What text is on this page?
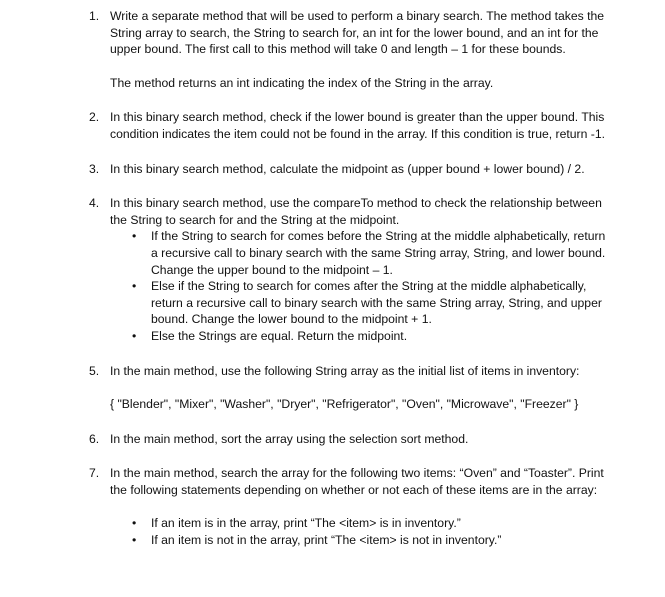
1. Write a separate method that will be used to perform a binary search. The method takes the String array to search, the String to search for, an int for the lower bound, and an int for the upper bound. The first call to this method will take 0 and length – 1 for these bounds.

The method returns an int indicating the index of the String in the array.

2. In this binary search method, check if the lower bound is greater than the upper bound. This condition indicates the item could not be found in the array. If this condition is true, return -1.

3. In this binary search method, calculate the midpoint as (upper bound + lower bound) / 2.

4. In this binary search method, use the compareTo method to check the relationship between the String to search for and the String at the midpoint.

• If the String to search for comes before the String at the middle alphabetically, return a recursive call to binary search with the same String array, String, and lower bound. Change the upper bound to the midpoint – 1.
• Else if the String to search for comes after the String at the middle alphabetically, return a recursive call to binary search with the same String array, String, and upper bound. Change the lower bound to the midpoint + 1.
• Else the Strings are equal. Return the midpoint.
5. In the main method, use the following String array as the initial list of items in inventory:

{ "Blender", "Mixer", "Washer", "Dryer", "Refrigerator", "Oven", "Microwave", "Freezer" }

6. In the main method, sort the array using the selection sort method.

7. In the main method, search the array for the following two items: “Oven” and “Toaster”. Print the following statements depending on whether or not each of these items are in the array:

• If an item is in the array, print “The <item> is in inventory.”
• If an item is not in the array, print “The <item> is not in inventory.”
